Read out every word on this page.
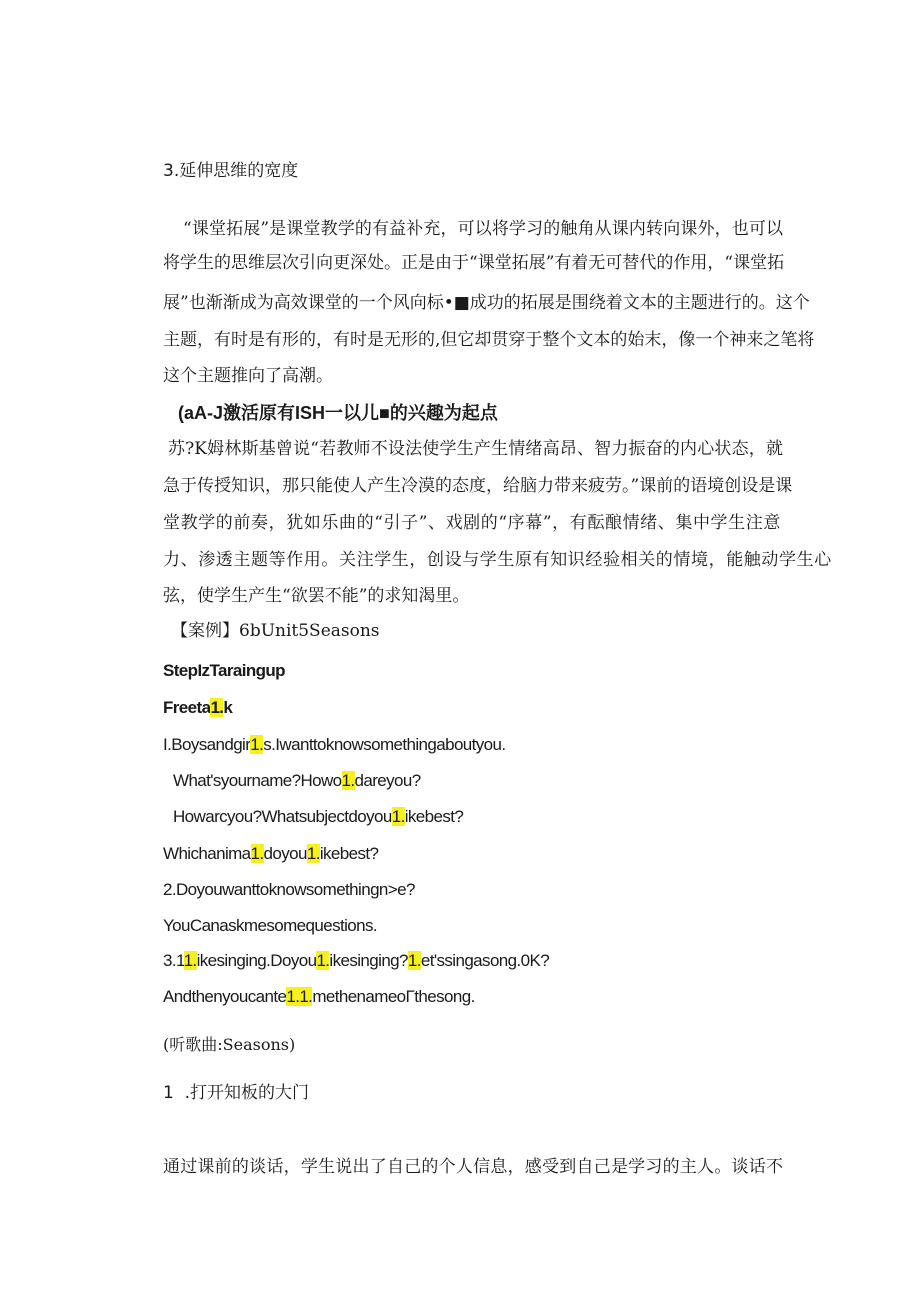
3.延伸思维的宽度
“课堂拓展”是课堂教学的有益补充，可以将学习的触角从课内转向课外，也可以
将学生的思维层次引向更深处。正是由于“课堂拓展”有着无可替代的作用，“课堂拓
展”也渐渐成为高效课堂的一个风向标•■成功的拓展是围绕着文本的主题进行的。这个
主题，有时是有形的，有时是无形的,但它却贯穿于整个文本的始末，像一个神来之笔将
这个主题推向了高潮。
(aA-J激活原有ISH一以儿■的兴趣为起点
苏?K姆林斯基曾说“若教师不设法使学生产生情绪高昂、智力振奋的内心状态，就
急于传授知识，那只能使人产生冷漠的态度，给脑力带来疲劳。”课前的语境创设是课
堂教学的前奏，犹如乐曲的“引子”、戏剧的“序幕”，有酝酿情绪、集中学生注意
力、渗透主题等作用。关注学生，创设与学生原有知识经验相关的情境，能触动学生心
弦，使学生产生“欲罢不能”的求知渴里。
【案例】6bUnit5Seasons
StepIzTaraingup
Freeta1.k
I.Boysandgir1.s.Iwanttoknowsomethingaboutyou.
What'syourname?Howo1.dareyou?
Howarcyou?Whatsubjectdoyou1.ikebest?
Whichanima1.doyou1.ikebest?
2.Doyouwanttoknowsomethingn>e?
YouCanaskmesomequestions.
3.11.ikesinging.Doyou1.ikesinging?1.et'ssingasong.0K?
Andthenyoucante1.1.methenameoΓthesong.
(听歌曲:Seasons)
1  .打开知板的大门
通过课前的谈话，学生说出了自己的个人信息，感受到自己是学习的主人。谈话不
